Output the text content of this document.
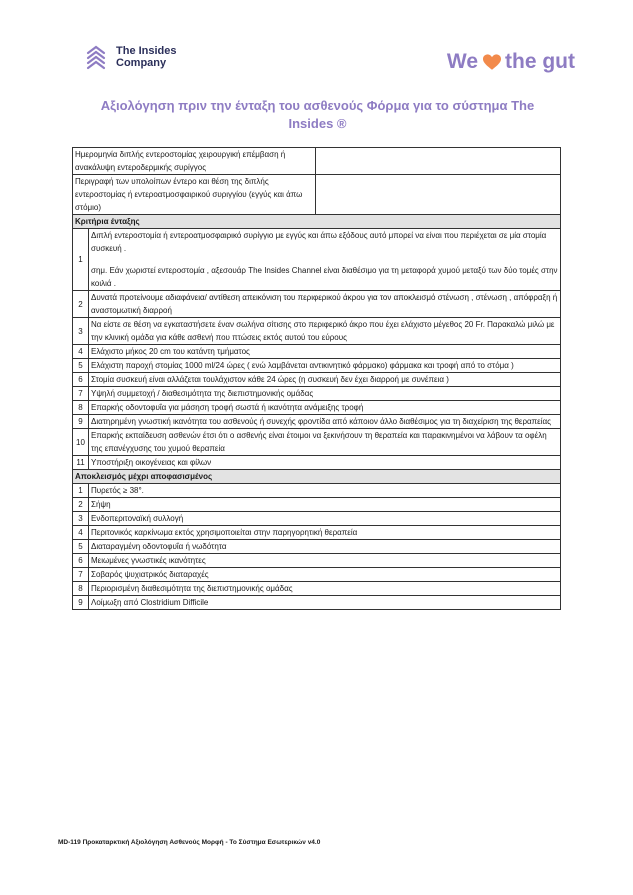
The Insides
Company	We the gut
Αξιολόγηση πριν την ένταξη του ασθενούς Φόρμα για το σύστημα The Insides ®
Ημερομηνία διπλής εντεροστομίας χειρουργική επέμβαση ή ανακάλυψη εντεροδερμικής συρίγγος		
Περιγραφή των υπολοίπων έντερο και θέση της διπλής εντεροστομίας ή εντεροατμοσφαιρικού συριγγίου (εγγύς και άπω στόμιο)		
Κριτήρια ένταξης		
1	Διπλή εντεροστομία ή εντεροατμοσφαιρικό συρίγγιο με εγγύς και άπω εξόδους αυτό μπορεί να είναι που περιέχεται σε μία στομία συσκευή .
σημ. Εάν χωριστεί εντεροστομία , αξεσουάρ The Insides Channel είναι διαθέσιμο για τη μεταφορά χυμού μεταξύ των δύο τομές στην κοιλιά .	
2	Δυνατά προτείνουμε αδιαφάνεια/ αντίθεση απεικόνιση του περιφερικού άκρου για τον αποκλεισμό στένωση , στένωση , απόφραξη ή αναστομωτική διαρροή	
3	Να είστε σε θέση να εγκαταστήσετε έναν σωλήνα σίτισης στο περιφερικό άκρο που έχει ελάχιστο μέγεθος 20 Fr. Παρακαλώ μιλώ με την κλινική ομάδα για κάθε ασθενή που πτώσεις εκτός αυτού του εύρους	
4	Ελάχιστο μήκος 20 cm του κατάντη τμήματος	
5	Ελάχιστη παροχή στομίας 1000 ml/24 ώρες ( ενώ λαμβάνεται αντικινητικό φάρμακο) φάρμακα και τροφή από το στόμα )	
6	Στομία συσκευή είναι αλλάζεται τουλάχιστον κάθε 24 ώρες (η συσκευή δεν έχει διαρροή με συνέπεια )	
7	Υψηλή συμμετοχή / διαθεσιμότητα της διεπιστημονικής ομάδας	
8	Επαρκής οδοντοφυΐα για μάσηση τροφή σωστά ή ικανότητα ανάμειξης τροφή	
9	Διατηρημένη γνωστική ικανότητα του ασθενούς ή συνεχής φροντίδα από κάποιον άλλο διαθέσιμος για τη διαχείριση της θεραπείας	
10	Επαρκής εκπαίδευση ασθενών έτσι ότι ο ασθενής είναι έτοιμοι να ξεκινήσουν τη θεραπεία και παρακινημένοι να λάβουν τα οφέλη της επανέγχυσης του χυμού θεραπεία	
11	Υποστήριξη οικογένειας και φίλων	
Αποκλεισμός μέχρι αποφασισμένος		
1	Πυρετός ≥ 38°.	
2	Σήψη	
3	Ενδοπεριτοναϊκή συλλογή	
4	Περιτονικός καρκίνωμα εκτός χρησιμοποιείται στην παρηγορητική θεραπεία	
5	Διαταραγμένη οδοντοφυΐα ή νωδότητα	
6	Μειωμένες γνωστικές ικανότητες	
7	Σοβαρός ψυχιατρικός διαταραχές	
8	Περιορισμένη διαθεσιμότητα της διεπιστημονικής ομάδας	
9	Λοίμωξη από Clostridium Difficile	
MD-119 Προκαταρκτική Αξιολόγηση Ασθενούς Μορφή - Το Σύστημα Εσωτερικών v4.0
